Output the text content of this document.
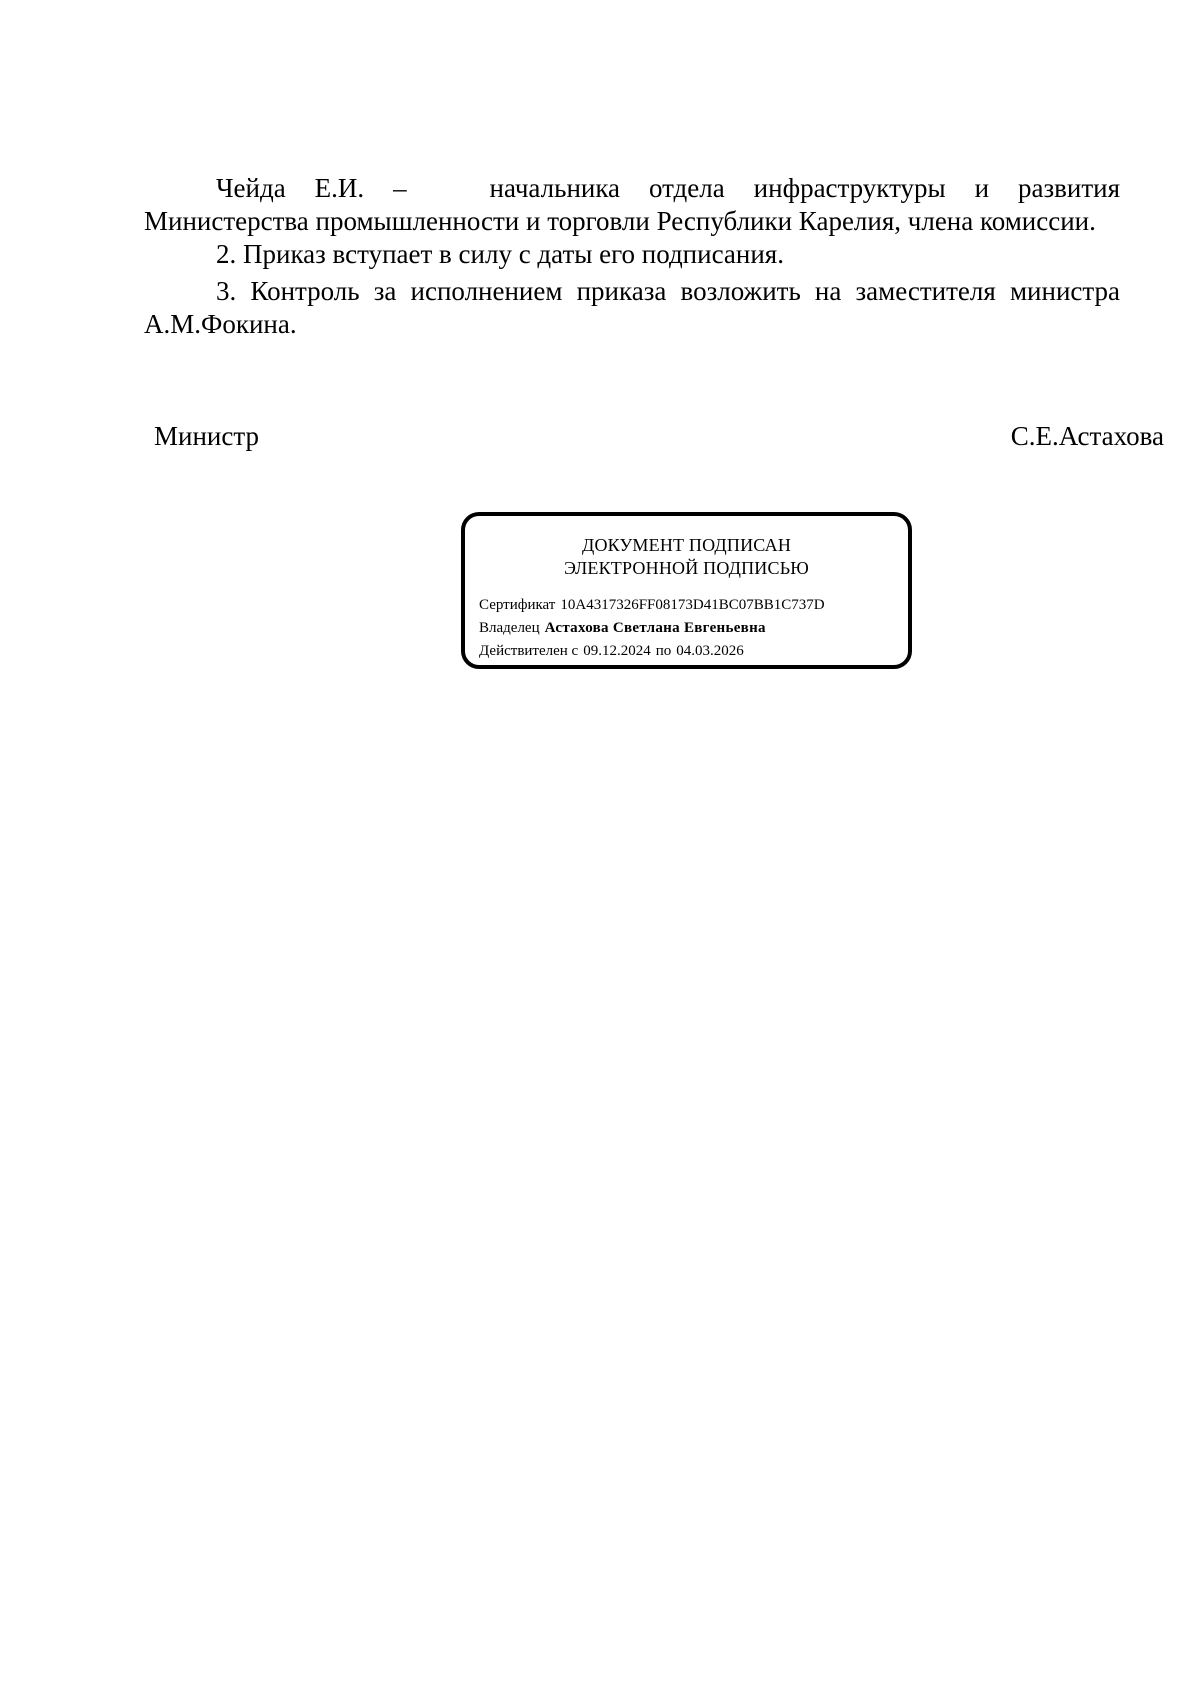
Чейда Е.И. –   начальника отдела инфраструктуры и развития Министерства промышленности и торговли Республики Карелия, члена комиссии.

2. Приказ вступает в силу с даты его подписания.

3. Контроль за исполнением приказа возложить на заместителя министра А.М.Фокина.

Министр	С.Е.Астахова
ДОКУМЕНТ ПОДПИСАН
ЭЛЕКТРОННОЙ ПОДПИСЬЮ
Сертификат 10A4317326FF08173D41BC07BB1C737D
Владелец Астахова Светлана Евгеньевна
Действителен с 09.12.2024 по 04.03.2026
